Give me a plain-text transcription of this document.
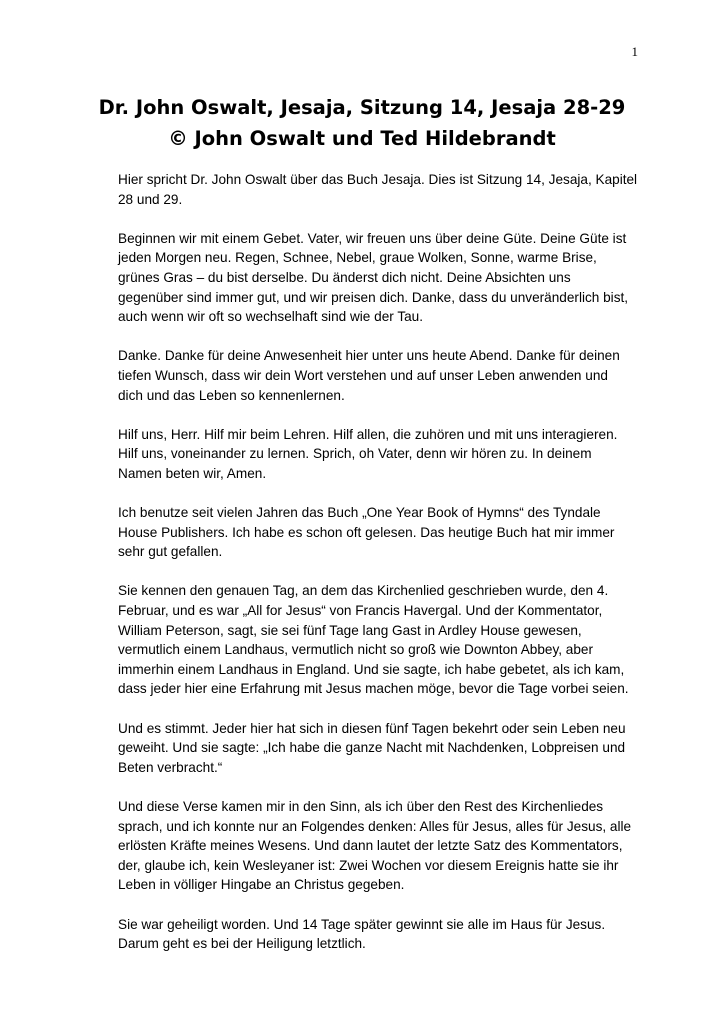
1
Dr. John Oswalt, Jesaja, Sitzung 14, Jesaja 28-29
© John Oswalt und Ted Hildebrandt

Hier spricht Dr. John Oswalt über das Buch Jesaja. Dies ist Sitzung 14, Jesaja, Kapitel
28 und 29.

Beginnen wir mit einem Gebet. Vater, wir freuen uns über deine Güte. Deine Güte ist
jeden Morgen neu. Regen, Schnee, Nebel, graue Wolken, Sonne, warme Brise,
grünes Gras – du bist derselbe. Du änderst dich nicht. Deine Absichten uns
gegenüber sind immer gut, und wir preisen dich. Danke, dass du unveränderlich bist,
auch wenn wir oft so wechselhaft sind wie der Tau.

Danke. Danke für deine Anwesenheit hier unter uns heute Abend. Danke für deinen
tiefen Wunsch, dass wir dein Wort verstehen und auf unser Leben anwenden und
dich und das Leben so kennenlernen.

Hilf uns, Herr. Hilf mir beim Lehren. Hilf allen, die zuhören und mit uns interagieren.
Hilf uns, voneinander zu lernen. Sprich, oh Vater, denn wir hören zu. In deinem
Namen beten wir, Amen.

Ich benutze seit vielen Jahren das Buch „One Year Book of Hymns“ des Tyndale
House Publishers. Ich habe es schon oft gelesen. Das heutige Buch hat mir immer
sehr gut gefallen.

Sie kennen den genauen Tag, an dem das Kirchenlied geschrieben wurde, den 4.
Februar, und es war „All for Jesus“ von Francis Havergal. Und der Kommentator,
William Peterson, sagt, sie sei fünf Tage lang Gast in Ardley House gewesen,
vermutlich einem Landhaus, vermutlich nicht so groß wie Downton Abbey, aber
immerhin einem Landhaus in England. Und sie sagte, ich habe gebetet, als ich kam,
dass jeder hier eine Erfahrung mit Jesus machen möge, bevor die Tage vorbei seien.

Und es stimmt. Jeder hier hat sich in diesen fünf Tagen bekehrt oder sein Leben neu
geweiht. Und sie sagte: „Ich habe die ganze Nacht mit Nachdenken, Lobpreisen und
Beten verbracht.“

Und diese Verse kamen mir in den Sinn, als ich über den Rest des Kirchenliedes
sprach, und ich konnte nur an Folgendes denken: Alles für Jesus, alles für Jesus, alle
erlösten Kräfte meines Wesens. Und dann lautet der letzte Satz des Kommentators,
der, glaube ich, kein Wesleyaner ist: Zwei Wochen vor diesem Ereignis hatte sie ihr
Leben in völliger Hingabe an Christus gegeben.

Sie war geheiligt worden. Und 14 Tage später gewinnt sie alle im Haus für Jesus.
Darum geht es bei der Heiligung letztlich.
